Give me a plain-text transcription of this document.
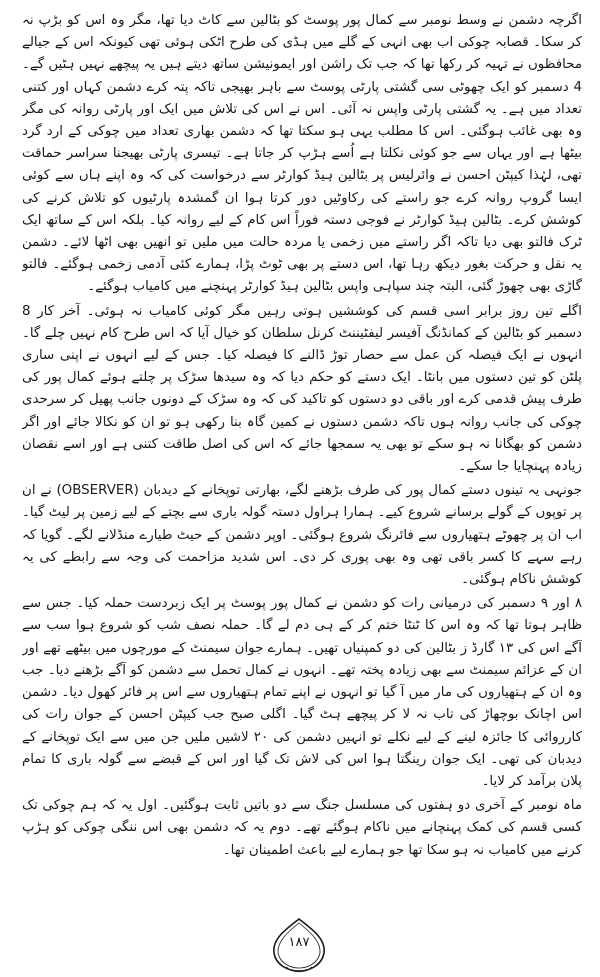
اگرچہ دشمن نے وسط نومبر سے کمال پور پوسٹ کو بٹالین سے کاٹ دیا تھا، مگر وہ اس کو بڑپ نہ کر سکا۔ قصابہ چوکی اب بھی انہی کے گلے میں ہڈی کی طرح اٹکی ہوئی تھی کیونکہ اس کے جیالے محافظوں نے تہیہ کر رکھا تھا کہ جب تک راشن اور ایمونیشن ساتھ دیتے ہیں یہ پیچھے نہیں ہٹیں گے۔ 4 دسمبر کو ایک چھوٹی سی گشتی پارٹی پوسٹ سے باہر بھیجی تاکہ پتہ کرے دشمن کہاں اور کتنی تعداد میں ہے۔ یہ گشتی پارٹی واپس نہ آئی۔ اس نے اس کی تلاش میں ایک اور پارٹی روانہ کی مگر وہ بھی غائب ہوگئی۔ اس کا مطلب یہی ہو سکتا تھا کہ دشمن بھاری تعداد میں چوکی کے ارد گرد بیٹھا ہے اور یہاں سے جو کوئی نکلتا ہے اُسے ہڑپ کر جاتا ہے۔ تیسری پارٹی بھیجنا سراسر حماقت تھی، لہٰذا کیپٹن احسن نے وائرلیس پر بٹالین ہیڈ کوارٹر سے درخواست کی کہ وہ اپنے ہاں سے کوئی ایسا گروپ روانہ کرے جو راستے کی رکاوٹیں دور کرتا ہوا ان گمشدہ پارٹیوں کو تلاش کرنے کی کوشش کرے۔ بٹالین ہیڈ کوارٹر نے فوجی دستہ فوراً اس کام کے لیے روانہ کیا۔ بلکہ اس کے ساتھ ایک ٹرک فالتو بھی دیا تاکہ اگر راستے میں زخمی یا مردہ حالت میں ملیں تو انھیں بھی اٹھا لائے۔ دشمن یہ نقل و حرکت بغور دیکھ رہا تھا، اس دستے پر بھی ٹوٹ پڑا، ہمارے کئی آدمی زخمی ہوگئے۔ فالتو گاڑی بھی چھوڑ گئی، البتہ چند سپاہی واپس بٹالین ہیڈ کوارٹر پہنچنے میں کامیاب ہوگئے۔

اگلے تین روز برابر اسی قسم کی کوششیں ہوتی رہیں مگر کوئی کامیاب نہ ہوئی۔ آخر کار 8 دسمبر کو بٹالین کے کمانڈنگ آفیسر لیفٹیننٹ کرنل سلطان کو خیال آیا کہ اس طرح کام نہیں چلے گا۔ انہوں نے ایک فیصلہ کن عمل سے حصار توڑ ڈالنے کا فیصلہ کیا۔ جس کے لیے انہوں نے اپنی ساری پلٹن کو تین دستوں میں بانٹا۔ ایک دستے کو حکم دیا کہ وہ سیدھا سڑک پر چلتے ہوئے کمال پور کی طرف پیش قدمی کرے اور باقی دو دستوں کو تاکید کی کہ وہ سڑک کے دونوں جانب پھیل کر سرحدی چوکی کی جانب روانہ ہوں تاکہ دشمن دستوں نے کمین گاہ بنا رکھی ہو تو ان کو نکالا جائے اور اگر دشمن کو بھگانا نہ ہو سکے تو بھی یہ سمجھا جائے کہ اس کی اصل طاقت کتنی ہے اور اسے نقصان زیادہ پہنچایا جا سکے۔

جونہی یہ تینوں دستے کمال پور کی طرف بڑھنے لگے، بھارتی توپخانے کے دیدبان (OBSERVER) نے ان پر توپوں کے گولے برسانے شروع کیے۔ ہمارا ہراول دستہ گولہ باری سے بچتے کے لیے زمین پر لیٹ گیا۔ اب ان پر چھوٹے ہتھیاروں سے فائرنگ شروع ہوگئی۔ اوپر دشمن کے حیٹ طیارے منڈلانے لگے۔ گویا کہ رہے سہے کا کسر باقی تھی وہ بھی پوری کر دی۔ اس شدید مزاحمت کی وجہ سے رابطے کی یہ کوشش ناکام ہوگئی۔

۸ اور ۹ دسمبر کی درمیانی رات کو دشمن نے کمال پور پوسٹ پر ایک زبردست حملہ کیا۔ جس سے ظاہر ہوتا تھا کہ وہ اس کا ٹنٹا ختم کر کے ہی دم لے گا۔ حملہ نصف شب کو شروع ہوا سب سے آگے اس کی ۱۳ گارڈ ز بٹالین کی دو کمپنیاں تھیں۔ ہمارے جوان سیمنٹ کے مورچوں میں بیٹھے تھے اور ان کے عزائم سیمنٹ سے بھی زیادہ پختہ تھے۔ انہوں نے کمال تحمل سے دشمن کو آگے بڑھنے دیا۔ جب وہ ان کے ہتھیاروں کی مار میں آ گیا تو انہوں نے اپنے تمام ہتھیاروں سے اس پر فائر کھول دیا۔ دشمن اس اچانک بوچھاڑ کی تاب نہ لا کر پیچھے ہٹ گیا۔ اگلی صبح جب کیپٹن احسن کے جوان رات کی کارروائی کا جائزہ لینے کے لیے نکلے تو انہیں دشمن کی ۲۰ لاشیں ملیں جن میں سے ایک توپخانے کے دیدبان کی تھی۔ ایک جوان رینگتا ہوا اس کی لاش تک گیا اور اس کے قبضے سے گولہ باری کا تمام پلان برآمد کر لایا۔

ماہ نومبر کے آخری دو ہفتوں کی مسلسل جنگ سے دو باتیں ثابت ہوگئیں۔ اول یہ کہ ہم چوکی تک کسی قسم کی کمک پہنچانے میں ناکام ہوگئے تھے۔ دوم یہ کہ دشمن بھی اس ننگی چوکی کو ہڑپ کرنے میں کامیاب نہ ہو سکا تھا جو ہمارے لیے باعث اطمینان تھا۔

۱۸۷
